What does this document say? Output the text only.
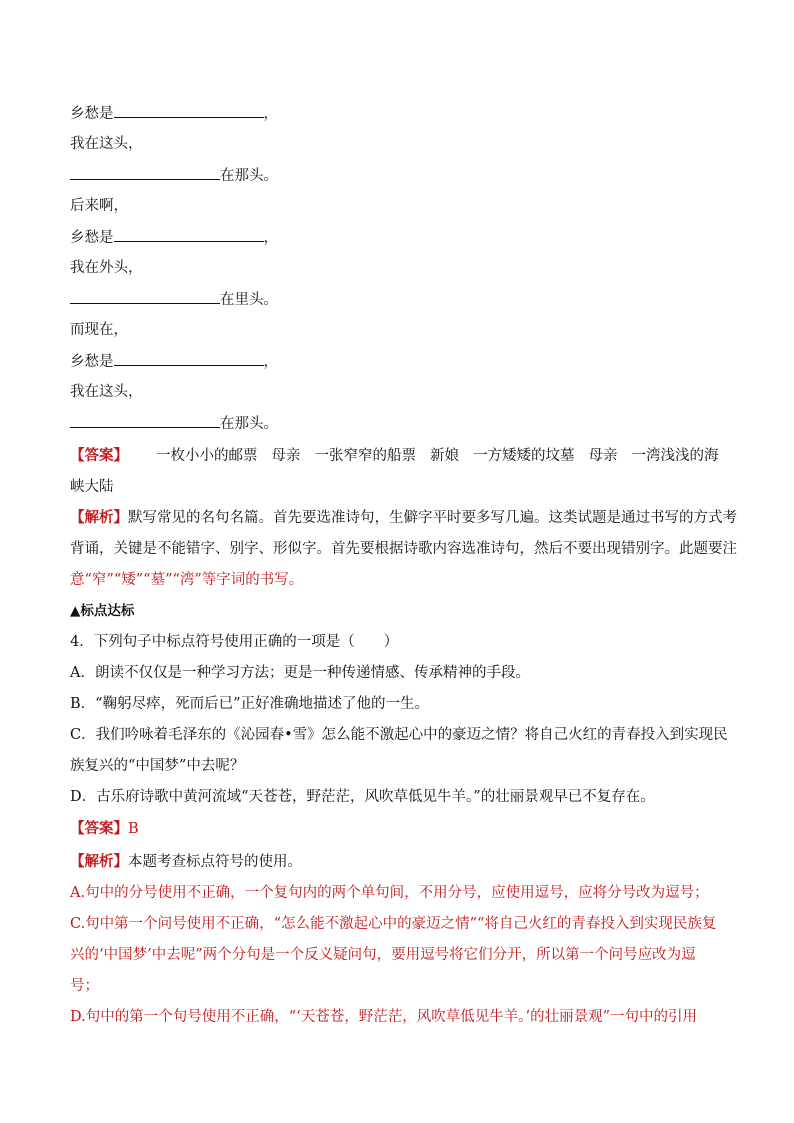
乡愁是	，
我在这头，
在那头。
后来啊，
乡愁是	，
我在外头，
在里头。
而现在，
乡愁是	，
我在这头，
在那头。
【答案】 一枚小小的邮票 母亲 一张窄窄的船票 新娘 一方矮矮的坟墓 母亲 一湾浅浅的海
峡大陆
【解析】默写常见的名句名篇。首先要选准诗句，生僻字平时要多写几遍。这类试题是通过书写的方式考
背诵，关键是不能错字、别字、形似字。首先要根据诗歌内容选准诗句，然后不要出现错别字。此题要注
意“窄”“矮”“墓”“湾”等字词的书写。
▲标点达标
4．下列句子中标点符号使用正确的一项是（　　）
A．朗读不仅仅是一种学习方法；更是一种传递情感、传承精神的手段。
B．“鞠躬尽瘁，死而后已”正好准确地描述了他的一生。
C．我们吟咏着毛泽东的《沁园春•雪》怎么能不激起心中的豪迈之情？将自己火红的青春投入到实现民
族复兴的“中国梦”中去呢？
D．古乐府诗歌中黄河流域“天苍苍，野茫茫，风吹草低见牛羊。”的壮丽景观早已不复存在。
【答案】B
【解析】本题考查标点符号的使用。
A.句中的分号使用不正确，一个复句内的两个单句间，不用分号，应使用逗号，应将分号改为逗号；
C.句中第一个问号使用不正确，“怎么能不激起心中的豪迈之情”“将自己火红的青春投入到实现民族复
兴的‘中国梦’中去呢”两个分句是一个反义疑问句，要用逗号将它们分开，所以第一个问号应改为逗
号；
D.句中的第一个句号使用不正确，“‘天苍苍，野茫茫，风吹草低见牛羊。’的壮丽景观”一句中的引用
